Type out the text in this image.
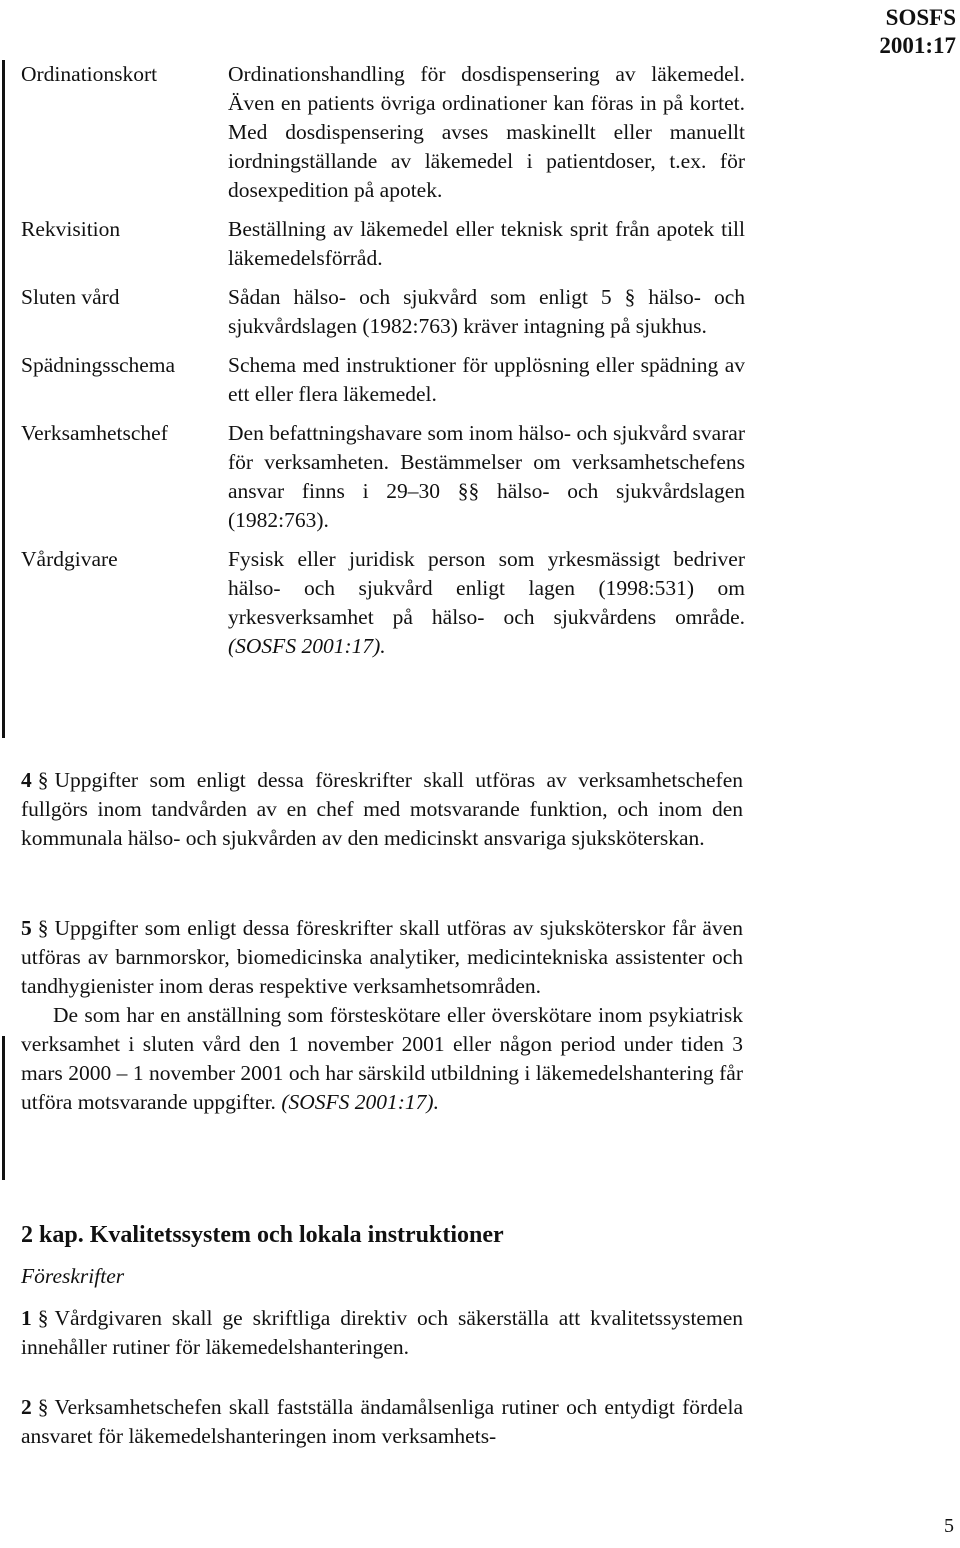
SOSFS
2001:17
Ordinationskort	Ordinationshandling för dosdispensering av läkemedel. Även en patients övriga ordinationer kan föras in på kortet. Med dosdispensering avses maskinellt eller manuellt iordningställande av läkemedel i patientdoser, t.ex. för dosexpedition på apotek.
Rekvisition	Beställning av läkemedel eller teknisk sprit från apotek till läkemedelsförråd.
Sluten vård	Sådan hälso- och sjukvård som enligt 5 § hälso- och sjukvårdslagen (1982:763) kräver intagning på sjukhus.
Spädningsschema	Schema med instruktioner för upplösning eller spädning av ett eller flera läkemedel.
Verksamhetschef	Den befattningshavare som inom hälso- och sjukvård svarar för verksamheten. Bestämmelser om verksamhetschefens ansvar finns i 29–30 §§ hälso- och sjukvårdslagen (1982:763).
Vårdgivare	Fysisk eller juridisk person som yrkesmässigt bedriver hälso- och sjukvård enligt lagen (1998:531) om yrkesverksamhet på hälso- och sjukvårdens område. (SOSFS 2001:17).

4 § Uppgifter som enligt dessa föreskrifter skall utföras av verksamhetschefen fullgörs inom tandvården av en chef med motsvarande funktion, och inom den kommunala hälso- och sjukvården av den medicinskt ansvariga sjuksköterskan.

5 § Uppgifter som enligt dessa föreskrifter skall utföras av sjuksköterskor får även utföras av barnmorskor, biomedicinska analytiker, medicintekniska assistenter och tandhygienister inom deras respektive verksamhetsområden.

De som har en anställning som försteskötare eller överskötare inom psykiatrisk verksamhet i sluten vård den 1 november 2001 eller någon period under tiden 3 mars 2000 – 1 november 2001 och har särskild utbildning i läkemedelshantering får utföra motsvarande uppgifter. (SOSFS 2001:17).

2 kap. Kvalitetssystem och lokala instruktioner
Föreskrifter

1 § Vårdgivaren skall ge skriftliga direktiv och säkerställa att kvalitetssystemen innehåller rutiner för läkemedelshanteringen.

2 § Verksamhetschefen skall fastställa ändamålsenliga rutiner och entydigt fördela ansvaret för läkemedelshanteringen inom verksamhets-

5
